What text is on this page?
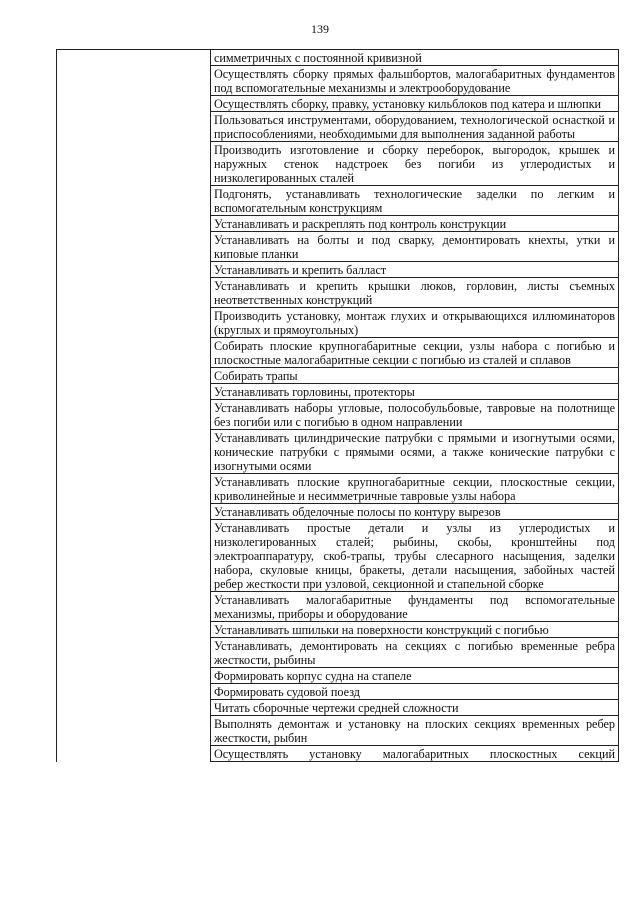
139
	симметричных с постоянной кривизной
Осуществлять сборку прямых фальшбортов, малогабаритных фундаментов под вспомогательные механизмы и электрооборудование
Осуществлять сборку, правку, установку кильблоков под катера и шлюпки
Пользоваться инструментами, оборудованием, технологической оснасткой и приспособлениями, необходимыми для выполнения заданной работы
Производить изготовление и сборку переборок, выгородок, крышек и наружных стенок надстроек без погиби из углеродистых и низколегированных сталей
Подгонять, устанавливать технологические заделки по легким и вспомогательным конструкциям
Устанавливать и раскреплять под контроль конструкции
Устанавливать на болты и под сварку, демонтировать кнехты, утки и киповые планки
Устанавливать и крепить балласт
Устанавливать и крепить крышки люков, горловин, листы съемных неответственных конструкций
Производить установку, монтаж глухих и открывающихся иллюминаторов (круглых и прямоугольных)
Собирать плоские крупногабаритные секции, узлы набора с погибью и плоскостные малогабаритные секции с погибью из сталей и сплавов
Собирать трапы
Устанавливать горловины, протекторы
Устанавливать наборы угловые, полособульбовые, тавровые на полотнище без погиби или с погибью в одном направлении
Устанавливать цилиндрические патрубки с прямыми и изогнутыми осями, конические патрубки с прямыми осями, а также конические патрубки с изогнутыми осями
Устанавливать плоские крупногабаритные секции, плоскостные секции, криволинейные и несимметричные тавровые узлы набора
Устанавливать обделочные полосы по контуру вырезов
Устанавливать простые детали и узлы из углеродистых и низколегированных сталей; рыбины, скобы, кронштейны под электроаппаратуру, скоб-трапы, трубы слесарного насыщения, заделки набора, скуловые кницы, бракеты, детали насыщения, забойных частей ребер жесткости при узловой, секционной и стапельной сборке
Устанавливать малогабаритные фундаменты под вспомогательные механизмы, приборы и оборудование
Устанавливать шпильки на поверхности конструкций с погибью
Устанавливать, демонтировать на секциях с погибью временные ребра жесткости, рыбины
Формировать корпус судна на стапеле
Формировать судовой поезд
Читать сборочные чертежи средней сложности
Выполнять демонтаж и установку на плоских секциях временных ребер жесткости, рыбин
Осуществлять установку малогабаритных плоскостных секций
